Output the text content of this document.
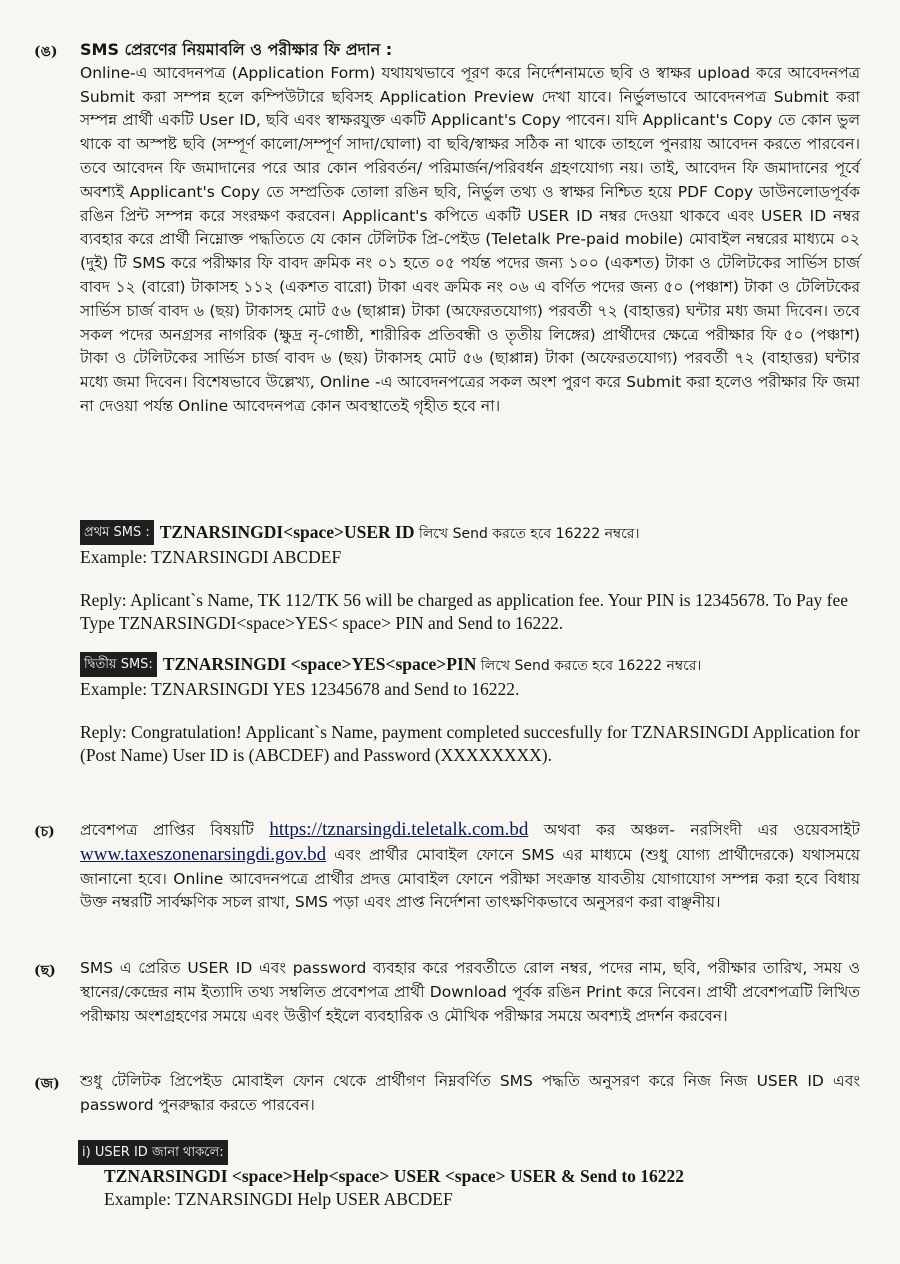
(ঙ) SMS প্রেরণের নিয়মাবলি ও পরীক্ষার ফি প্রদান :
Online-এ আবেদনপত্র (Application Form) যথাযথভাবে পূরণ করে নির্দেশনামতে ছবি ও স্বাক্ষর upload করে আবেদনপত্র Submit করা সম্পন্ন হলে কম্পিউটারে ছবিসহ Application Preview দেখা যাবে। নির্ভুলভাবে আবেদনপত্র Submit করা সম্পন্ন প্রার্থী একটি User ID, ছবি এবং স্বাক্ষরযুক্ত একটি Applicant's Copy পাবেন। যদি Applicant's Copy তে কোন ভুল থাকে বা অস্পষ্ট ছবি (সম্পূর্ণ কালো/সম্পূর্ণ সাদা/ঘোলা) বা ছবি/স্বাক্ষর সঠিক না থাকে তাহলে পুনরায় আবেদন করতে পারবেন। তবে আবেদন ফি জমাদানের পরে আর কোন পরিবর্তন/ পরিমার্জন/পরিবর্ধন গ্রহণযোগ্য নয়। তাই, আবেদন ফি জমাদানের পূর্বে অবশ্যই Applicant's Copy তে সম্প্রতিক তোলা রঙিন ছবি, নির্ভুল তথ্য ও স্বাক্ষর নিশ্চিত হয়ে PDF Copy ডাউনলোডপূর্বক রঙিন প্রিন্ট সম্পন্ন করে সংরক্ষণ করবেন। Applicant's কপিতে একটি USER ID নম্বর দেওয়া থাকবে এবং USER ID নম্বর ব্যবহার করে প্রার্থী নিম্নোক্ত পদ্ধতিতে যে কোন টেলিটক প্রি-পেইড (Teletalk Pre-paid mobile) মোবাইল নম্বরের মাধ্যমে ০২ (দুই) টি SMS করে পরীক্ষার ফি বাবদ ক্রমিক নং ০১ হতে ০৫ পর্যন্ত পদের জন্য ১০০ (একশত) টাকা ও টেলিটকের সার্ভিস চার্জ বাবদ ১২ (বারো) টাকাসহ ১১২ (একশত বারো) টাকা এবং ক্রমিক নং ০৬ এ বর্ণিত পদের জন্য ৫০ (পঞ্চাশ) টাকা ও টেলিটকের সার্ভিস চার্জ বাবদ ৬ (ছয়) টাকাসহ মোট ৫৬ (ছাপ্পান্ন) টাকা (অফেরতযোগ্য) পরবর্তী ৭২ (বাহাত্তর) ঘন্টার মধ্য জমা দিবেন। তবে সকল পদের অনগ্রসর নাগরিক (ক্ষুদ্র নৃ-গোষ্ঠী, শারীরিক প্রতিবন্ধী ও তৃতীয় লিঙ্গের) প্রার্থীদের ক্ষেত্রে পরীক্ষার ফি ৫০ (পঞ্চাশ) টাকা ও টেলিটকের সার্ভিস চার্জ বাবদ ৬ (ছয়) টাকাসহ মোট ৫৬ (ছাপ্পান্ন) টাকা (অফেরতযোগ্য) পরবর্তী ৭২ (বাহাত্তর) ঘন্টার মধ্যে জমা দিবেন। বিশেষভাবে উল্লেখ্য, Online -এ আবেদনপত্রের সকল অংশ পুরণ করে Submit করা হলেও পরীক্ষার ফি জমা না দেওয়া পর্যন্ত Online আবেদনপত্র কোন অবস্থাতেই গৃহীত হবে না।

প্রথম SMS : TZNARSINGDI<space>USER ID লিখে Send করতে হবে 16222 নম্বরে।

Example: TZNARSINGDI ABCDEF

Reply: Aplicant`s Name, TK 112/TK 56 will be charged as application fee. Your PIN is 12345678. To Pay fee Type TZNARSINGDI<space>YES< space> PIN and Send to 16222.

দ্বিতীয় SMS: TZNARSINGDI <space>YES<space>PIN লিখে Send করতে হবে 16222 নম্বরে।

Example: TZNARSINGDI YES 12345678 and Send to 16222.

Reply: Congratulation! Applicant`s Name, payment completed succesfully for TZNARSINGDI Application for (Post Name) User ID is (ABCDEF) and Password (XXXXXXXX).

(চ) প্রবেশপত্র প্রাপ্তির বিষয়টি https://tznarsingdi.teletalk.com.bd অথবা কর অঞ্চল- নরসিংদী এর ওয়েবসাইট www.taxeszonenarsingdi.gov.bd এবং প্রার্থীর মোবাইল ফোনে SMS এর মাধ্যমে (শুধু যোগ্য প্রার্থীদেরকে) যথাসময়ে জানানো হবে। Online আবেদনপত্রে প্রার্থীর প্রদত্ত মোবাইল ফোনে পরীক্ষা সংক্রান্ত যাবতীয় যোগাযোগ সম্পন্ন করা হবে বিধায় উক্ত নম্বরটি সার্বক্ষণিক সচল রাখা, SMS পড়া এবং প্রাপ্ত নির্দেশনা তাৎক্ষণিকভাবে অনুসরণ করা বাঞ্ছনীয়।
(ছ) SMS এ প্রেরিত USER ID এবং password ব্যবহার করে পরবর্তীতে রোল নম্বর, পদের নাম, ছবি, পরীক্ষার তারিখ, সময় ও স্থানের/কেন্দ্রের নাম ইত্যাদি তথ্য সম্বলিত প্রবেশপত্র প্রার্থী Download পূর্বক রঙিন Print করে নিবেন। প্রার্থী প্রবেশপত্রটি লিখিত পরীক্ষায় অংশগ্রহণের সময়ে এবং উত্তীর্ণ হইলে ব্যবহারিক ও মৌখিক পরীক্ষার সময়ে অবশ্যই প্রদর্শন করবেন।
(জ) শুধু টেলিটক প্রিপেইড মোবাইল ফোন থেকে প্রার্থীগণ নিম্নবর্ণিত SMS পদ্ধতি অনুসরণ করে নিজ নিজ USER ID এবং password পুনরুদ্ধার করতে পারবেন।

i) USER ID জানা থাকলে:

TZNARSINGDI <space>Help<space> USER <space> USER & Send to 16222

Example: TZNARSINGDI Help USER ABCDEF
